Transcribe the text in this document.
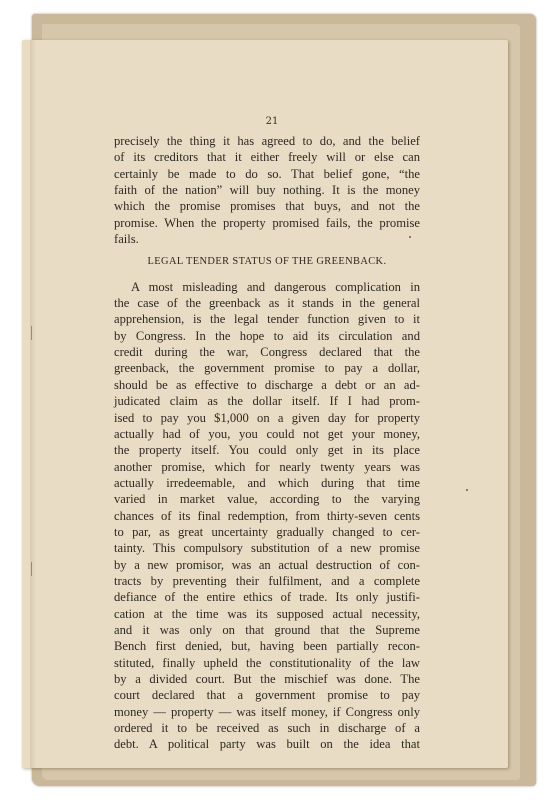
21
precisely the thing it has agreed to do, and the belief
of its creditors that it either freely will or else can
certainly be made to do so. That belief gone, “the
faith of the nation” will buy nothing. It is the money
which the promise promises that buys, and not the
promise. When the property promised fails, the promise
fails.
LEGAL TENDER STATUS OF THE GREENBACK.
A most misleading and dangerous complication in
the case of the greenback as it stands in the general
apprehension, is the legal tender function given to it
by Congress. In the hope to aid its circulation and
credit during the war, Congress declared that the
greenback, the government promise to pay a dollar,
should be as effective to discharge a debt or an ad-
judicated claim as the dollar itself. If I had prom-
ised to pay you $1,000 on a given day for property
actually had of you, you could not get your money,
the property itself. You could only get in its place
another promise, which for nearly twenty years was
actually irredeemable, and which during that time
varied in market value, according to the varying
chances of its final redemption, from thirty-seven cents
to par, as great uncertainty gradually changed to cer-
tainty. This compulsory substitution of a new promise
by a new promisor, was an actual destruction of con-
tracts by preventing their fulfilment, and a complete
defiance of the entire ethics of trade. Its only justifi-
cation at the time was its supposed actual necessity,
and it was only on that ground that the Supreme
Bench first denied, but, having been partially recon-
stituted, finally upheld the constitutionality of the law
by a divided court. But the mischief was done. The
court declared that a government promise to pay
money — property — was itself money, if Congress only
ordered it to be received as such in discharge of a
debt. A political party was built on the idea that
